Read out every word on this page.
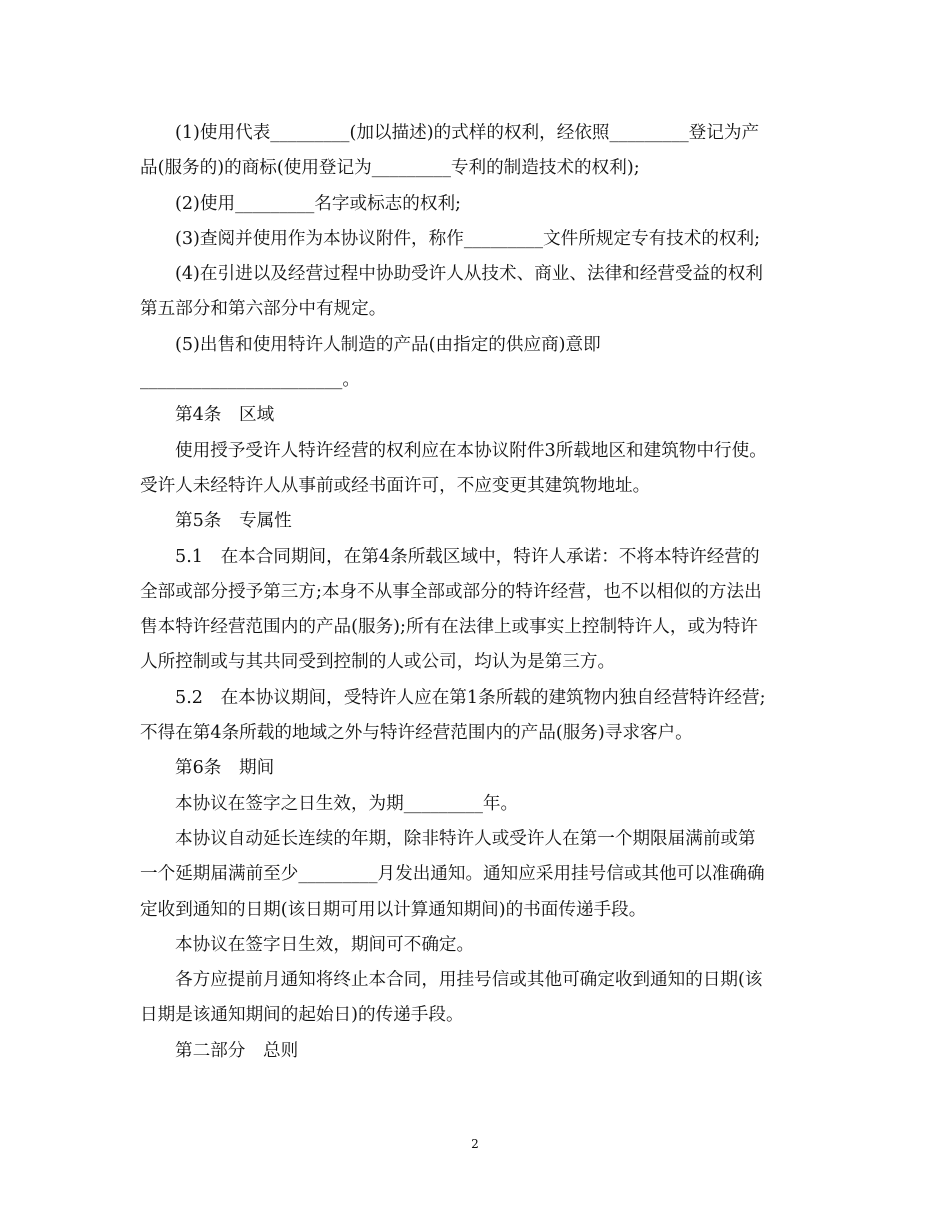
(1)使用代表_________(加以描述)的式样的权利，经依照_________登记为产
品(服务的)的商标(使用登记为_________专利的制造技术的权利);
(2)使用_________名字或标志的权利;
(3)查阅并使用作为本协议附件，称作_________文件所规定专有技术的权利;
(4)在引进以及经营过程中协助受许人从技术、商业、法律和经营受益的权利
第五部分和第六部分中有规定。
(5)出售和使用特许人制造的产品(由指定的供应商)意即
_______________________。
第4条　区域
使用授予受许人特许经营的权利应在本协议附件3所载地区和建筑物中行使。
受许人未经特许人从事前或经书面许可，不应变更其建筑物地址。
第5条　专属性
5.1　在本合同期间，在第4条所载区域中，特许人承诺：不将本特许经营的
全部或部分授予第三方;本身不从事全部或部分的特许经营，也不以相似的方法出
售本特许经营范围内的产品(服务);所有在法律上或事实上控制特许人，或为特许
人所控制或与其共同受到控制的人或公司，均认为是第三方。
5.2　在本协议期间，受特许人应在第1条所载的建筑物内独自经营特许经营;
不得在第4条所载的地域之外与特许经营范围内的产品(服务)寻求客户。
第6条　期间
本协议在签字之日生效，为期_________年。
本协议自动延长连续的年期，除非特许人或受许人在第一个期限届满前或第
一个延期届满前至少_________月发出通知。通知应采用挂号信或其他可以准确确
定收到通知的日期(该日期可用以计算通知期间)的书面传递手段。
本协议在签字日生效，期间可不确定。
各方应提前月通知将终止本合同，用挂号信或其他可确定收到通知的日期(该
日期是该通知期间的起始日)的传递手段。
第二部分　总则
2
